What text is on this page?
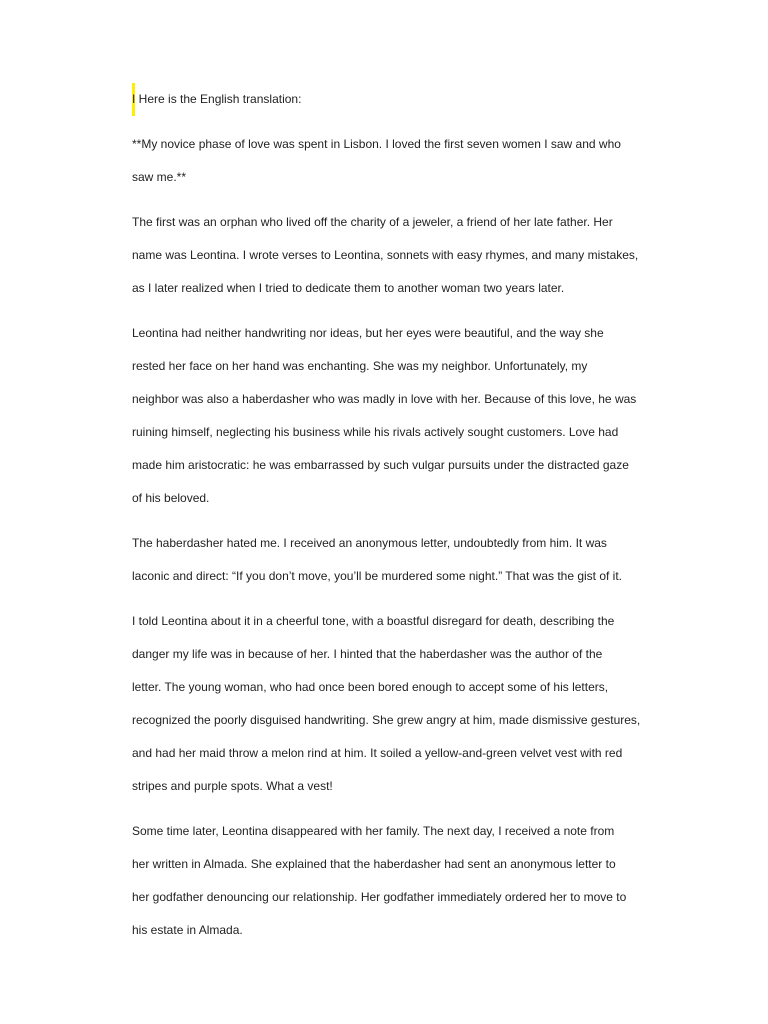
I Here is the English translation:

**My novice phase of love was spent in Lisbon. I loved the first seven women I saw and who
saw me.**

The first was an orphan who lived off the charity of a jeweler, a friend of her late father. Her
name was Leontina. I wrote verses to Leontina, sonnets with easy rhymes, and many mistakes,
as I later realized when I tried to dedicate them to another woman two years later.

Leontina had neither handwriting nor ideas, but her eyes were beautiful, and the way she
rested her face on her hand was enchanting. She was my neighbor. Unfortunately, my
neighbor was also a haberdasher who was madly in love with her. Because of this love, he was
ruining himself, neglecting his business while his rivals actively sought customers. Love had
made him aristocratic: he was embarrassed by such vulgar pursuits under the distracted gaze
of his beloved.

The haberdasher hated me. I received an anonymous letter, undoubtedly from him. It was
laconic and direct: “If you don’t move, you’ll be murdered some night.” That was the gist of it.

I told Leontina about it in a cheerful tone, with a boastful disregard for death, describing the
danger my life was in because of her. I hinted that the haberdasher was the author of the
letter. The young woman, who had once been bored enough to accept some of his letters,
recognized the poorly disguised handwriting. She grew angry at him, made dismissive gestures,
and had her maid throw a melon rind at him. It soiled a yellow-and-green velvet vest with red
stripes and purple spots. What a vest!

Some time later, Leontina disappeared with her family. The next day, I received a note from
her written in Almada. She explained that the haberdasher had sent an anonymous letter to
her godfather denouncing our relationship. Her godfather immediately ordered her to move to
his estate in Almada.
